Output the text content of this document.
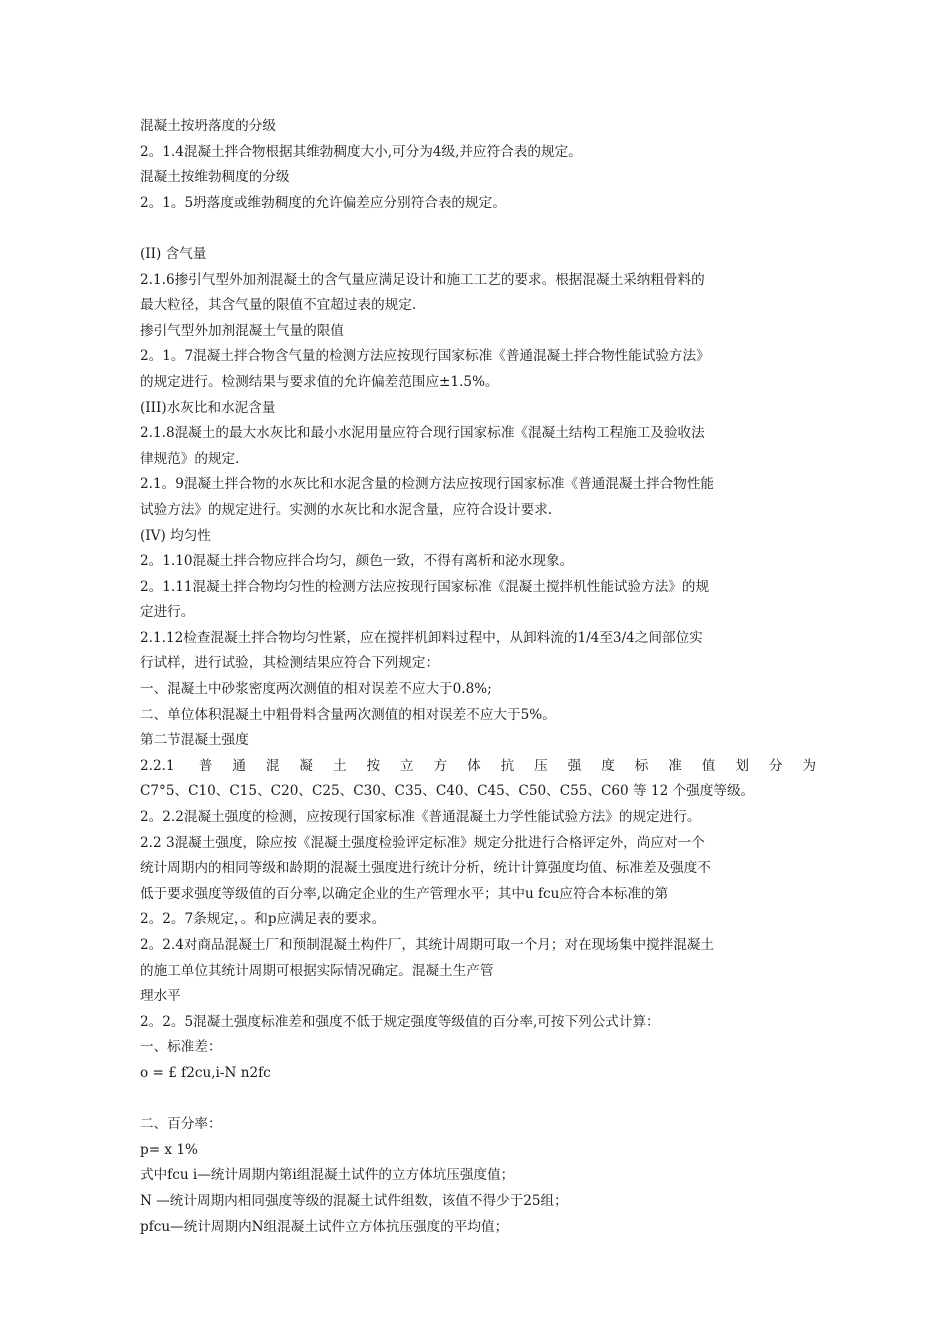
混凝土按坍落度的分级
2。1.4混凝土拌合物根据其维勃稠度大小,可分为4级,并应符合表的规定。
混凝土按维勃稠度的分级
2。1。5坍落度或维勃稠度的允许偏差应分别符合表的规定。
(II) 含气量
2.1.6掺引气型外加剂混凝土的含气量应满足设计和施工工艺的要求。根据混凝土采纳粗骨料的
最大粒径，其含气量的限值不宜超过表的规定.
掺引气型外加剂混凝土气量的限值
2。1。7混凝土拌合物含气量的检测方法应按现行国家标准《普通混凝土拌合物性能试验方法》
的规定进行。检测结果与要求值的允许偏差范围应±1.5%。
(III)水灰比和水泥含量
2.1.8混凝土的最大水灰比和最小水泥用量应符合现行国家标准《混凝土结构工程施工及验收法
律规范》的规定.
2.1。9混凝土拌合物的水灰比和水泥含量的检测方法应按现行国家标准《普通混凝土拌合物性能
试验方法》的规定进行。实测的水灰比和水泥含量，应符合设计要求.
(IV) 均匀性
2。1.10混凝土拌合物应拌合均匀，颜色一致，不得有离析和泌水现象。
2。1.11混凝土拌合物均匀性的检测方法应按现行国家标准《混凝土搅拌机性能试验方法》的规
定进行。
2.1.12检查混凝土拌合物均匀性紧，应在搅拌机卸料过程中，从卸料流的1/4至3/4之间部位实
行试样，进行试验，其检测结果应符合下列规定：
一、混凝土中砂浆密度两次测值的相对误差不应大于0.8%;
二、单位体积混凝土中粗骨料含量两次测值的相对误差不应大于5%。
第二节混凝土强度
2.2.1 普通混凝土按立方体抗压强度标准值划分为
C7°5、C10、C15、C20、C25、C30、C35、C40、C45、C50、C55、C60 等 12 个强度等级。
2。2.2混凝土强度的检测，应按现行国家标准《普通混凝土力学性能试验方法》的规定进行。
2.2 3混凝土强度，除应按《混凝土强度检验评定标准》规定分批进行合格评定外，尚应对一个
统计周期内的相同等级和龄期的混凝土强度进行统计分析，统计计算强度均值、标准差及强度不
低于要求强度等级值的百分率,以确定企业的生产管理水平；其中u fcu应符合本标准的第
2。2。7条规定，。和p应满足表的要求。
2。2.4对商品混凝土厂和预制混凝土构件厂，其统计周期可取一个月；对在现场集中搅拌混凝土
的施工单位其统计周期可根据实际情况确定。混凝土生产管
理水平
2。2。5混凝土强度标准差和强度不低于规定强度等级值的百分率,可按下列公式计算：
一、标准差：
o = £ f2cu,i-N n2fc
二、百分率：
p= x 1%
式中fcu i—统计周期内第i组混凝土试件的立方体坑压强度值；
N —统计周期内相同强度等级的混凝土试件组数，该值不得少于25组；
pfcu—统计周期内N组混凝土试件立方体抗压强度的平均值；
